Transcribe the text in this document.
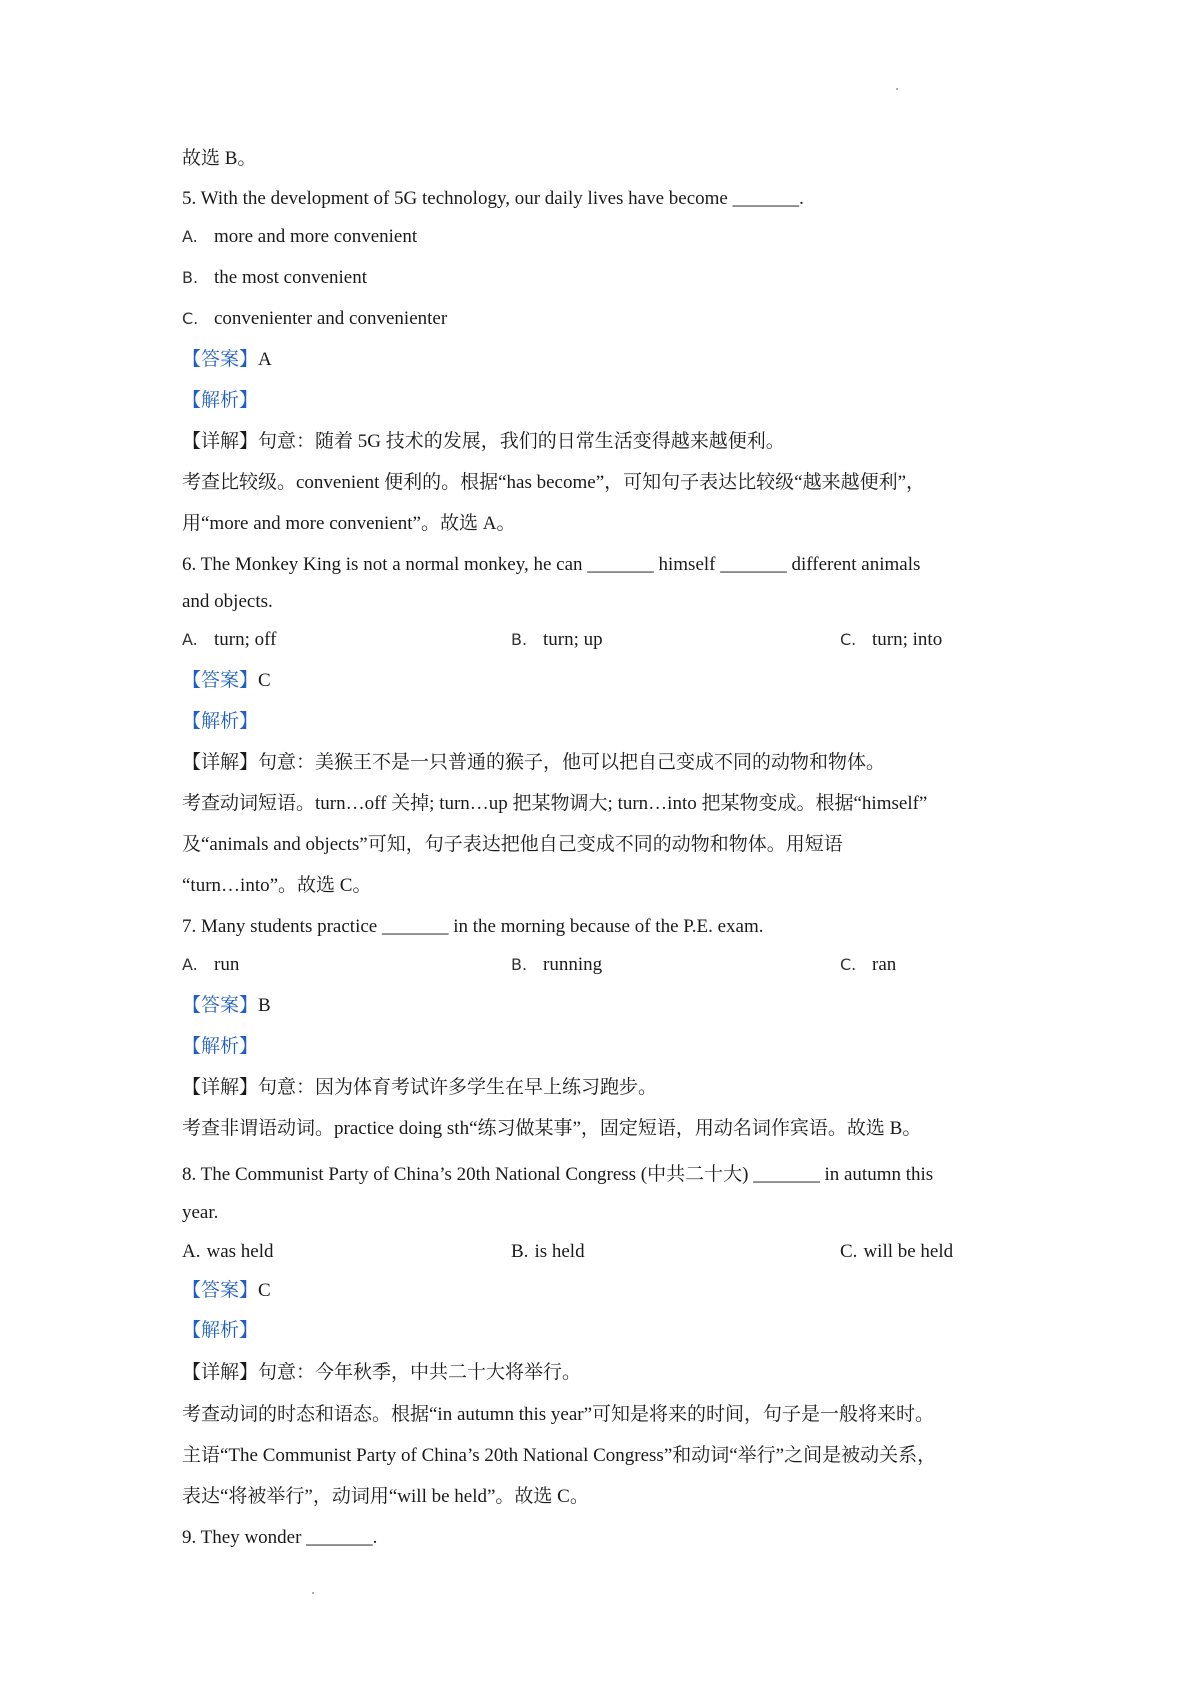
故选 B。
5. With the development of 5G technology, our daily lives have become _______.
A. more and more convenient
B. the most convenient
C. convenienter and convenienter
【答案】A
【解析】
【详解】句意：随着 5G 技术的发展，我们的日常生活变得越来越便利。
考查比较级。convenient 便利的。根据“has become”，可知句子表达比较级“越来越便利”，
用“more and more convenient”。故选 A。
6. The Monkey King is not a normal monkey, he can _______ himself _______ different animals
and objects.
A. turn; off	B. turn; up	C. turn; into
【答案】C
【解析】
【详解】句意：美猴王不是一只普通的猴子，他可以把自己变成不同的动物和物体。
考查动词短语。turn…off 关掉; turn…up 把某物调大; turn…into 把某物变成。根据“himself”
及“animals and objects”可知，句子表达把他自己变成不同的动物和物体。用短语
“turn…into”。故选 C。
7. Many students practice _______ in the morning because of the P.E. exam.
A. run	B. running	C. ran
【答案】B
【解析】
【详解】句意：因为体育考试许多学生在早上练习跑步。
考查非谓语动词。practice doing sth“练习做某事”，固定短语，用动名词作宾语。故选 B。
8. The Communist Party of China’s 20th National Congress (中共二十大) _______ in autumn this
year.
A. was held	B. is held	C. will be held
【答案】C
【解析】
【详解】句意：今年秋季，中共二十大将举行。
考查动词的时态和语态。根据“in autumn this year”可知是将来的时间，句子是一般将来时。
主语“The Communist Party of China’s 20th National Congress”和动词“举行”之间是被动关系，
表达“将被举行”，动词用“will be held”。故选 C。
9. They wonder _______.
